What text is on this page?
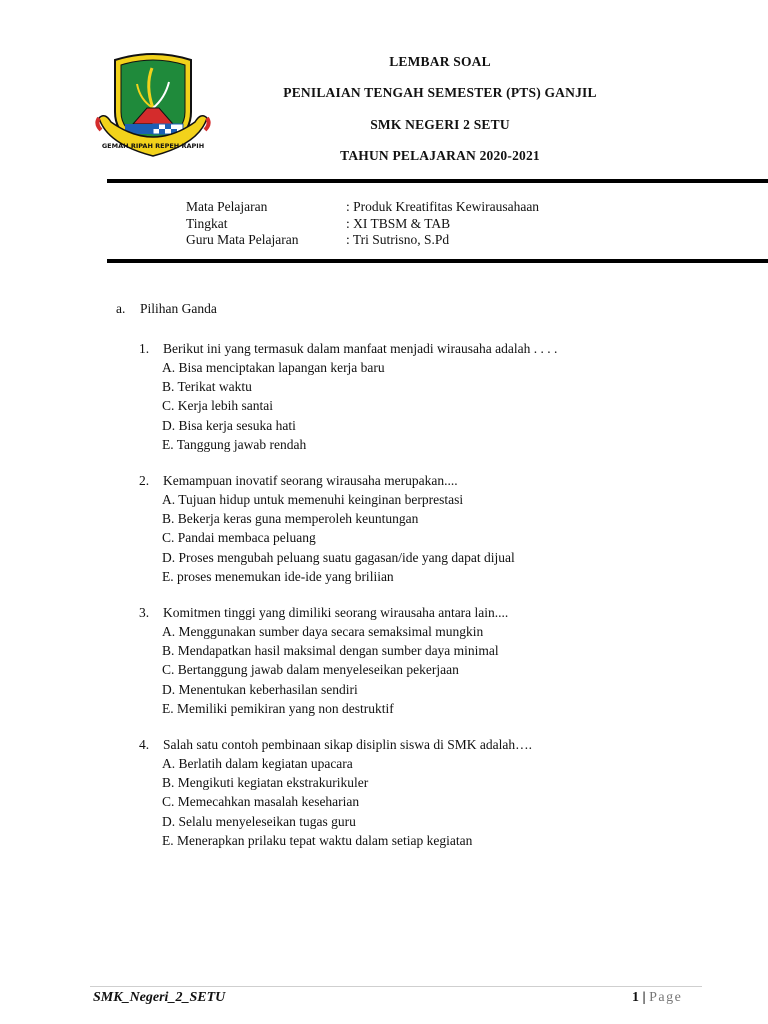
GEMAH RIPAH REPEH RAPIH
LEMBAR SOAL
PENILAIAN TENGAH SEMESTER (PTS) GANJIL
SMK NEGERI 2 SETU
TAHUN PELAJARAN 2020-2021
Mata Pelajaran	: Produk Kreatifitas Kewirausahaan
Tingkat	: XI TBSM & TAB
Guru Mata Pelajaran	: Tri Sutrisno, S.Pd
a. Pilihan Ganda
1.	Berikut ini yang termasuk dalam manfaat menjadi wirausaha adalah . . . .
A. Bisa menciptakan lapangan kerja baru
B. Terikat waktu
C. Kerja lebih santai
D. Bisa kerja sesuka hati
E. Tanggung jawab rendah
2.	Kemampuan inovatif seorang wirausaha merupakan....
A. Tujuan hidup untuk memenuhi keinginan berprestasi
B. Bekerja keras guna memperoleh keuntungan
C. Pandai membaca peluang
D. Proses mengubah peluang suatu gagasan/ide yang dapat dijual
E. proses menemukan ide-ide yang briliian
3.	Komitmen tinggi yang dimiliki seorang wirausaha antara lain....
A. Menggunakan sumber daya secara semaksimal mungkin
B. Mendapatkan hasil maksimal dengan sumber daya minimal
C. Bertanggung jawab dalam menyeleseikan pekerjaan
D. Menentukan keberhasilan sendiri
E. Memiliki pemikiran yang non destruktif
4.	Salah satu contoh pembinaan sikap disiplin siswa di SMK adalah….
A. Berlatih dalam kegiatan upacara
B. Mengikuti kegiatan ekstrakurikuler
C. Memecahkan masalah keseharian
D. Selalu menyeleseikan tugas guru
E. Menerapkan prilaku tepat waktu dalam setiap kegiatan
SMK_Negeri_2_SETU	1 | Page
